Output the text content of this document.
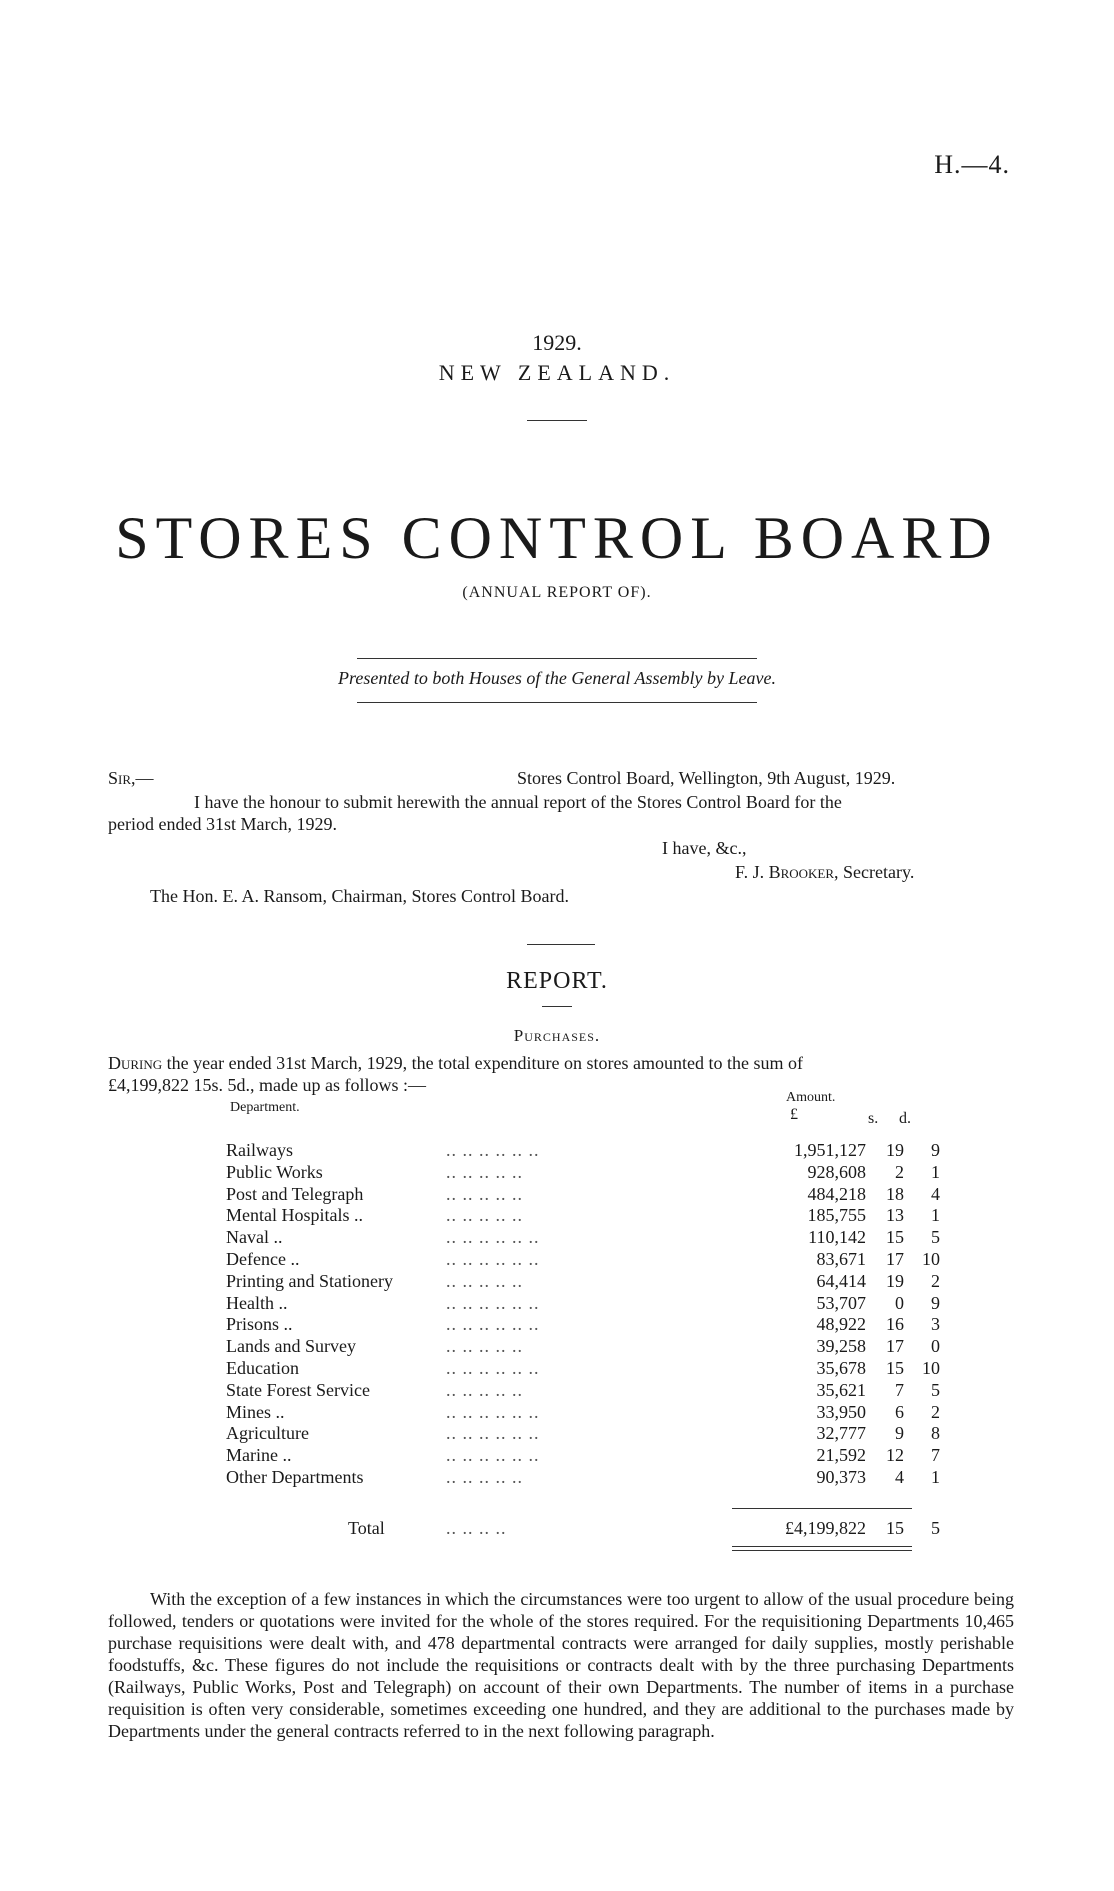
H.—4.
1929.
NEW ZEALAND.
STORES CONTROL BOARD
(ANNUAL REPORT OF).
Presented to both Houses of the General Assembly by Leave.
Sir,—	Stores Control Board, Wellington, 9th August, 1929.
I have the honour to submit herewith the annual report of the Stores Control Board for the
period ended 31st March, 1929.
I have, &c.,
F. J. Brooker, Secretary.
The Hon. E. A. Ransom, Chairman, Stores Control Board.
REPORT.
Purchases.
During the year ended 31st March, 1929, the total expenditure on stores amounted to the sum of
£4,199,822 15s. 5d., made up as follows :—
Department.
Amount.
£	s. d.
Railways	.. .. .. .. .. ..	1,951,127	19	9
Public Works	.. .. .. .. ..	928,608	2	1
Post and Telegraph	.. .. .. .. ..	484,218	18	4
Mental Hospitals ..	.. .. .. .. ..	185,755	13	1
Naval ..	.. .. .. .. .. ..	110,142	15	5
Defence ..	.. .. .. .. .. ..	83,671	17	10
Printing and Stationery	.. .. .. .. ..	64,414	19	2
Health ..	.. .. .. .. .. ..	53,707	0	9
Prisons ..	.. .. .. .. .. ..	48,922	16	3
Lands and Survey	.. .. .. .. ..	39,258	17	0
Education	.. .. .. .. .. ..	35,678	15	10
State Forest Service	.. .. .. .. ..	35,621	7	5
Mines ..	.. .. .. .. .. ..	33,950	6	2
Agriculture	.. .. .. .. .. ..	32,777	9	8
Marine ..	.. .. .. .. .. ..	21,592	12	7
Other Departments	.. .. .. .. ..	90,373	4	1
Total	.. .. .. ..	£4,199,822	15	5
With the exception of a few instances in which the circumstances were too urgent to allow of the usual procedure being followed, tenders or quotations were invited for the whole of the stores required. For the requisitioning Departments 10,465 purchase requisitions were dealt with, and 478 departmental contracts were arranged for daily supplies, mostly perishable foodstuffs, &c. These figures do not include the requisitions or contracts dealt with by the three purchasing Departments (Railways, Public Works, Post and Telegraph) on account of their own Departments. The number of items in a purchase requisition is often very considerable, sometimes exceeding one hundred, and they are additional to the purchases made by Departments under the general contracts referred to in the next following paragraph.
